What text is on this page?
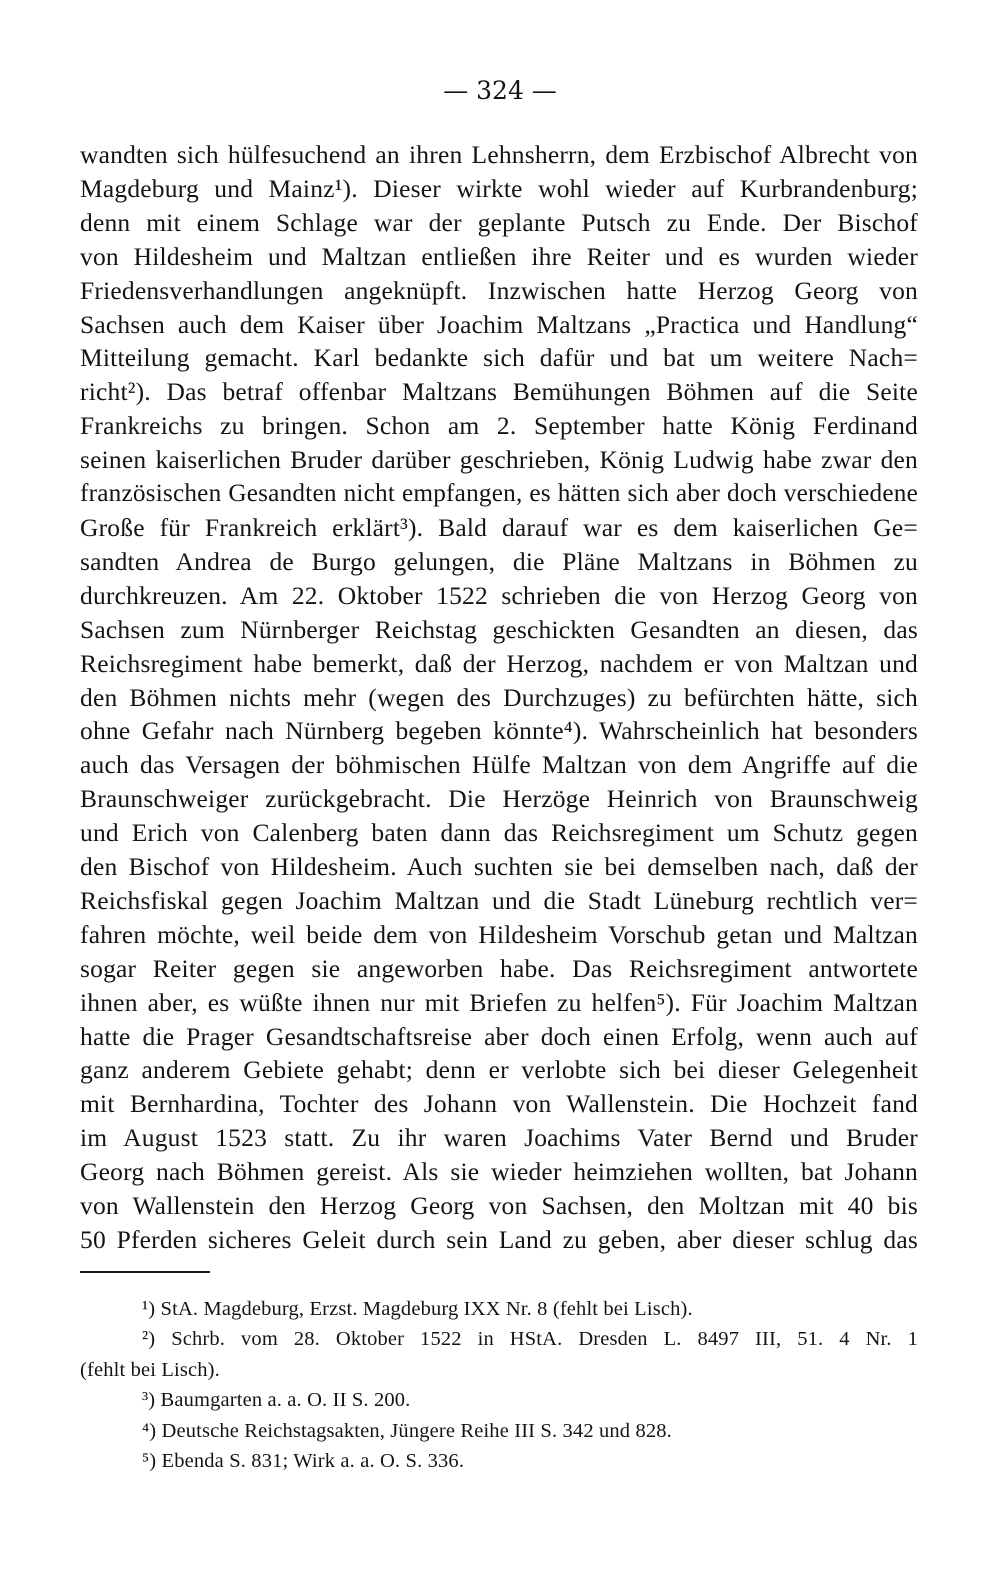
— 324 —
wandten sich hülfesuchend an ihren Lehnsherrn, dem Erzbischof Albrecht von
Magdeburg und Mainz¹). Dieser wirkte wohl wieder auf Kurbrandenburg;
denn mit einem Schlage war der geplante Putsch zu Ende. Der Bischof
von Hildesheim und Maltzan entließen ihre Reiter und es wurden wieder
Friedensverhandlungen angeknüpft. Inzwischen hatte Herzog Georg von
Sachsen auch dem Kaiser über Joachim Maltzans „Practica und Handlung“
Mitteilung gemacht. Karl bedankte sich dafür und bat um weitere Nach=
richt²). Das betraf offenbar Maltzans Bemühungen Böhmen auf die Seite
Frankreichs zu bringen. Schon am 2. September hatte König Ferdinand
seinen kaiserlichen Bruder darüber geschrieben, König Ludwig habe zwar den
französischen Gesandten nicht empfangen, es hätten sich aber doch verschiedene
Große für Frankreich erklärt³). Bald darauf war es dem kaiserlichen Ge=
sandten Andrea de Burgo gelungen, die Pläne Maltzans in Böhmen zu
durchkreuzen. Am 22. Oktober 1522 schrieben die von Herzog Georg von
Sachsen zum Nürnberger Reichstag geschickten Gesandten an diesen, das
Reichsregiment habe bemerkt, daß der Herzog, nachdem er von Maltzan und
den Böhmen nichts mehr (wegen des Durchzuges) zu befürchten hätte, sich
ohne Gefahr nach Nürnberg begeben könnte⁴). Wahrscheinlich hat besonders
auch das Versagen der böhmischen Hülfe Maltzan von dem Angriffe auf die
Braunschweiger zurückgebracht. Die Herzöge Heinrich von Braunschweig
und Erich von Calenberg baten dann das Reichsregiment um Schutz gegen
den Bischof von Hildesheim. Auch suchten sie bei demselben nach, daß der
Reichsfiskal gegen Joachim Maltzan und die Stadt Lüneburg rechtlich ver=
fahren möchte, weil beide dem von Hildesheim Vorschub getan und Maltzan
sogar Reiter gegen sie angeworben habe. Das Reichsregiment antwortete
ihnen aber, es wüßte ihnen nur mit Briefen zu helfen⁵). Für Joachim Maltzan
hatte die Prager Gesandtschaftsreise aber doch einen Erfolg, wenn auch auf
ganz anderem Gebiete gehabt; denn er verlobte sich bei dieser Gelegenheit
mit Bernhardina, Tochter des Johann von Wallenstein. Die Hochzeit fand
im August 1523 statt. Zu ihr waren Joachims Vater Bernd und Bruder
Georg nach Böhmen gereist. Als sie wieder heimziehen wollten, bat Johann
von Wallenstein den Herzog Georg von Sachsen, den Moltzan mit 40 bis
50 Pferden sicheres Geleit durch sein Land zu geben, aber dieser schlug das
¹) StA. Magdeburg, Erzst. Magdeburg IXX Nr. 8 (fehlt bei Lisch).
²) Schrb. vom 28. Oktober 1522 in HStA. Dresden L. 8497 III, 51. 4 Nr. 1
(fehlt bei Lisch).
³) Baumgarten a. a. O. II S. 200.
⁴) Deutsche Reichstagsakten, Jüngere Reihe III S. 342 und 828.
⁵) Ebenda S. 831; Wirk a. a. O. S. 336.
